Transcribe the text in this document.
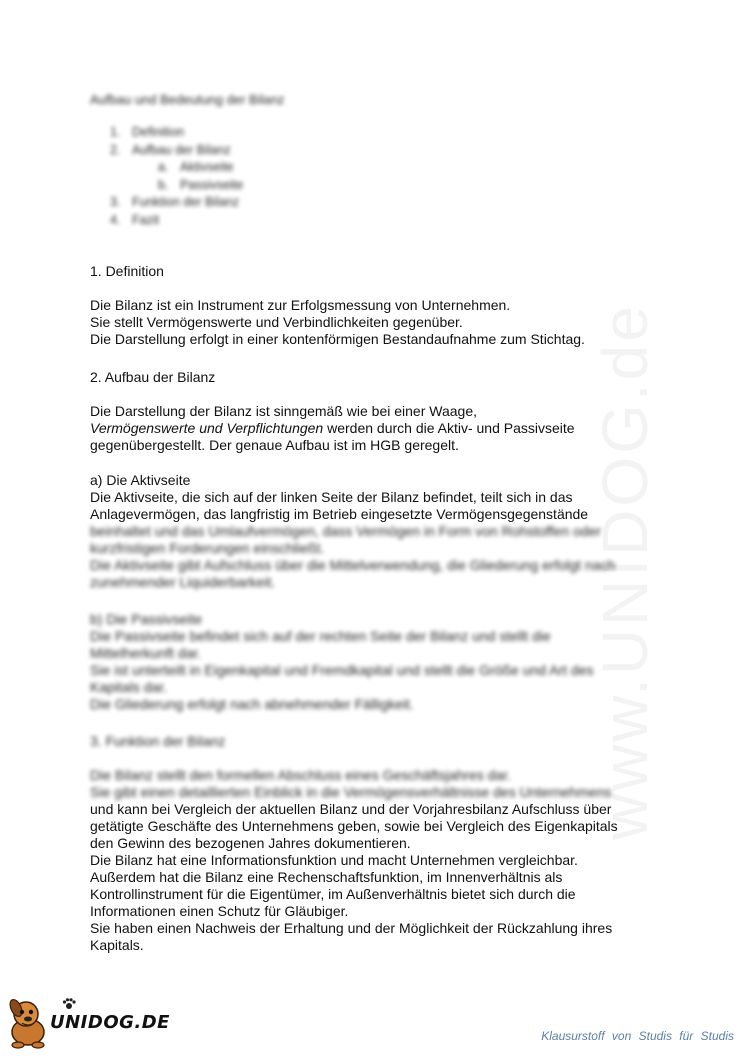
www.UNIDOG.de
Aufbau und Bedeutung der Bilanz
1. Definition
2. Aufbau der Bilanz
a. Aktivseite
b. Passivseite
3. Funktion der Bilanz
4. Fazit

1. Definition

Die Bilanz ist ein Instrument zur Erfolgsmessung von Unternehmen.

Sie stellt Vermögenswerte und Verbindlichkeiten gegenüber.

Die Darstellung erfolgt in einer kontenförmigen Bestandaufnahme zum Stichtag.

2. Aufbau der Bilanz

Die Darstellung der Bilanz ist sinngemäß wie bei einer Waage,

Vermögenswerte und Verpflichtungen werden durch die Aktiv- und Passivseite

gegenübergestellt. Der genaue Aufbau ist im HGB geregelt.

a) Die Aktivseite

Die Aktivseite, die sich auf der linken Seite der Bilanz befindet, teilt sich in das

Anlagevermögen, das langfristig im Betrieb eingesetzte Vermögensgegenstände

beinhaltet und das Umlaufvermögen, dass Vermögen in Form von Rohstoffen oder

kurzfristigen Forderungen einschließt.

Die Aktivseite gibt Aufschluss über die Mittelverwendung, die Gliederung erfolgt nach

zunehmender Liquiderbarkeit.

b) Die Passivseite

Die Passivseite befindet sich auf der rechten Seite der Bilanz und stellt die

Mittelherkunft dar.

Sie ist unterteilt in Eigenkapital und Fremdkapital und stellt die Größe und Art des

Kapitals dar.

Die Gliederung erfolgt nach abnehmender Fälligkeit.

3. Funktion der Bilanz

Die Bilanz stellt den formellen Abschluss eines Geschäftsjahres dar.

Sie gibt einen detaillierten Einblick in die Vermögensverhältnisse des Unternehmens

und kann bei Vergleich der aktuellen Bilanz und der Vorjahresbilanz Aufschluss über

getätigte Geschäfte des Unternehmens geben, sowie bei Vergleich des Eigenkapitals

den Gewinn des bezogenen Jahres dokumentieren.

Die Bilanz hat eine Informationsfunktion und macht Unternehmen vergleichbar.

Außerdem hat die Bilanz eine Rechenschaftsfunktion, im Innenverhältnis als

Kontrollinstrument für die Eigentümer, im Außenverhältnis bietet sich durch die

Informationen einen Schutz für Gläubiger.

Sie haben einen Nachweis der Erhaltung und der Möglichkeit der Rückzahlung ihres

Kapitals.

UNIDOG.DE
Klausurstoff von Studis für Studis
